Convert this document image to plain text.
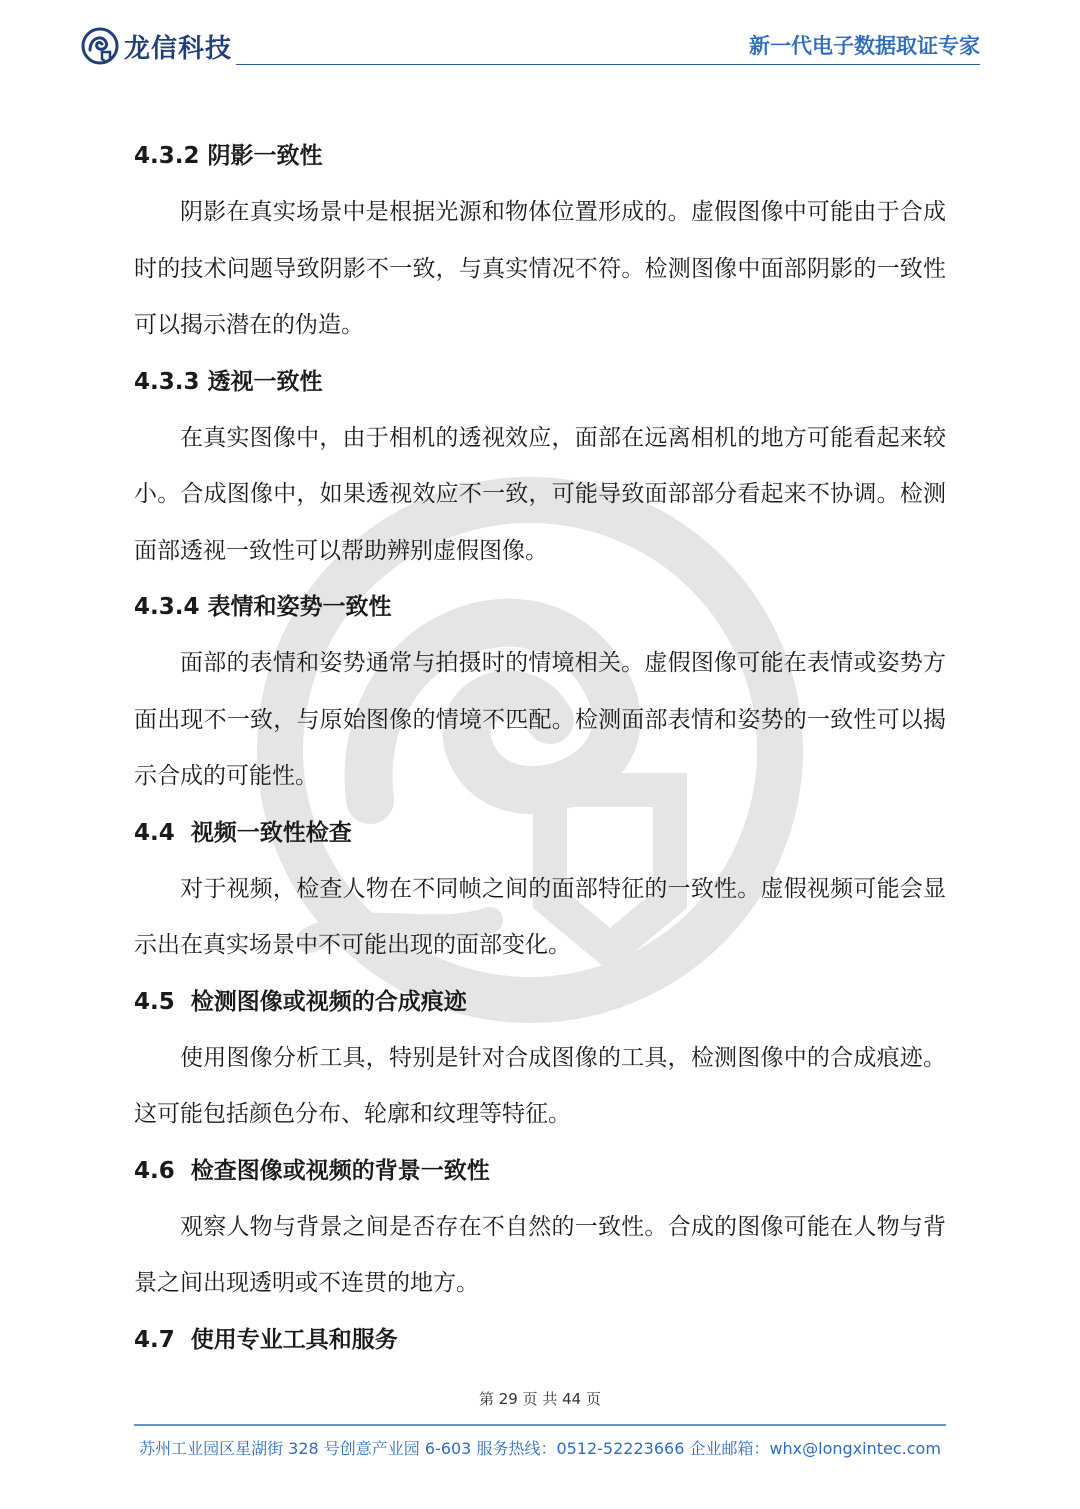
龙信科技	新一代电子数据取证专家
4.3.2 阴影一致性

阴影在真实场景中是根据光源和物体位置形成的。虚假图像中可能由于合成时的技术问题导致阴影不一致，与真实情况不符。检测图像中面部阴影的一致性可以揭示潜在的伪造。

4.3.3 透视一致性

在真实图像中，由于相机的透视效应，面部在远离相机的地方可能看起来较小。合成图像中，如果透视效应不一致，可能导致面部部分看起来不协调。检测面部透视一致性可以帮助辨别虚假图像。

4.3.4 表情和姿势一致性

面部的表情和姿势通常与拍摄时的情境相关。虚假图像可能在表情或姿势方面出现不一致，与原始图像的情境不匹配。检测面部表情和姿势的一致性可以揭示合成的可能性。

4.4  视频一致性检查

对于视频，检查人物在不同帧之间的面部特征的一致性。虚假视频可能会显示出在真实场景中不可能出现的面部变化。

4.5  检测图像或视频的合成痕迹

使用图像分析工具，特别是针对合成图像的工具，检测图像中的合成痕迹。这可能包括颜色分布、轮廓和纹理等特征。

4.6  检查图像或视频的背景一致性

观察人物与背景之间是否存在不自然的一致性。合成的图像可能在人物与背景之间出现透明或不连贯的地方。

4.7  使用专业工具和服务
第 29 页 共 44 页
苏州工业园区星湖街 328 号创意产业园 6-603 服务热线：0512-52223666 企业邮箱：whx@longxintec.com
